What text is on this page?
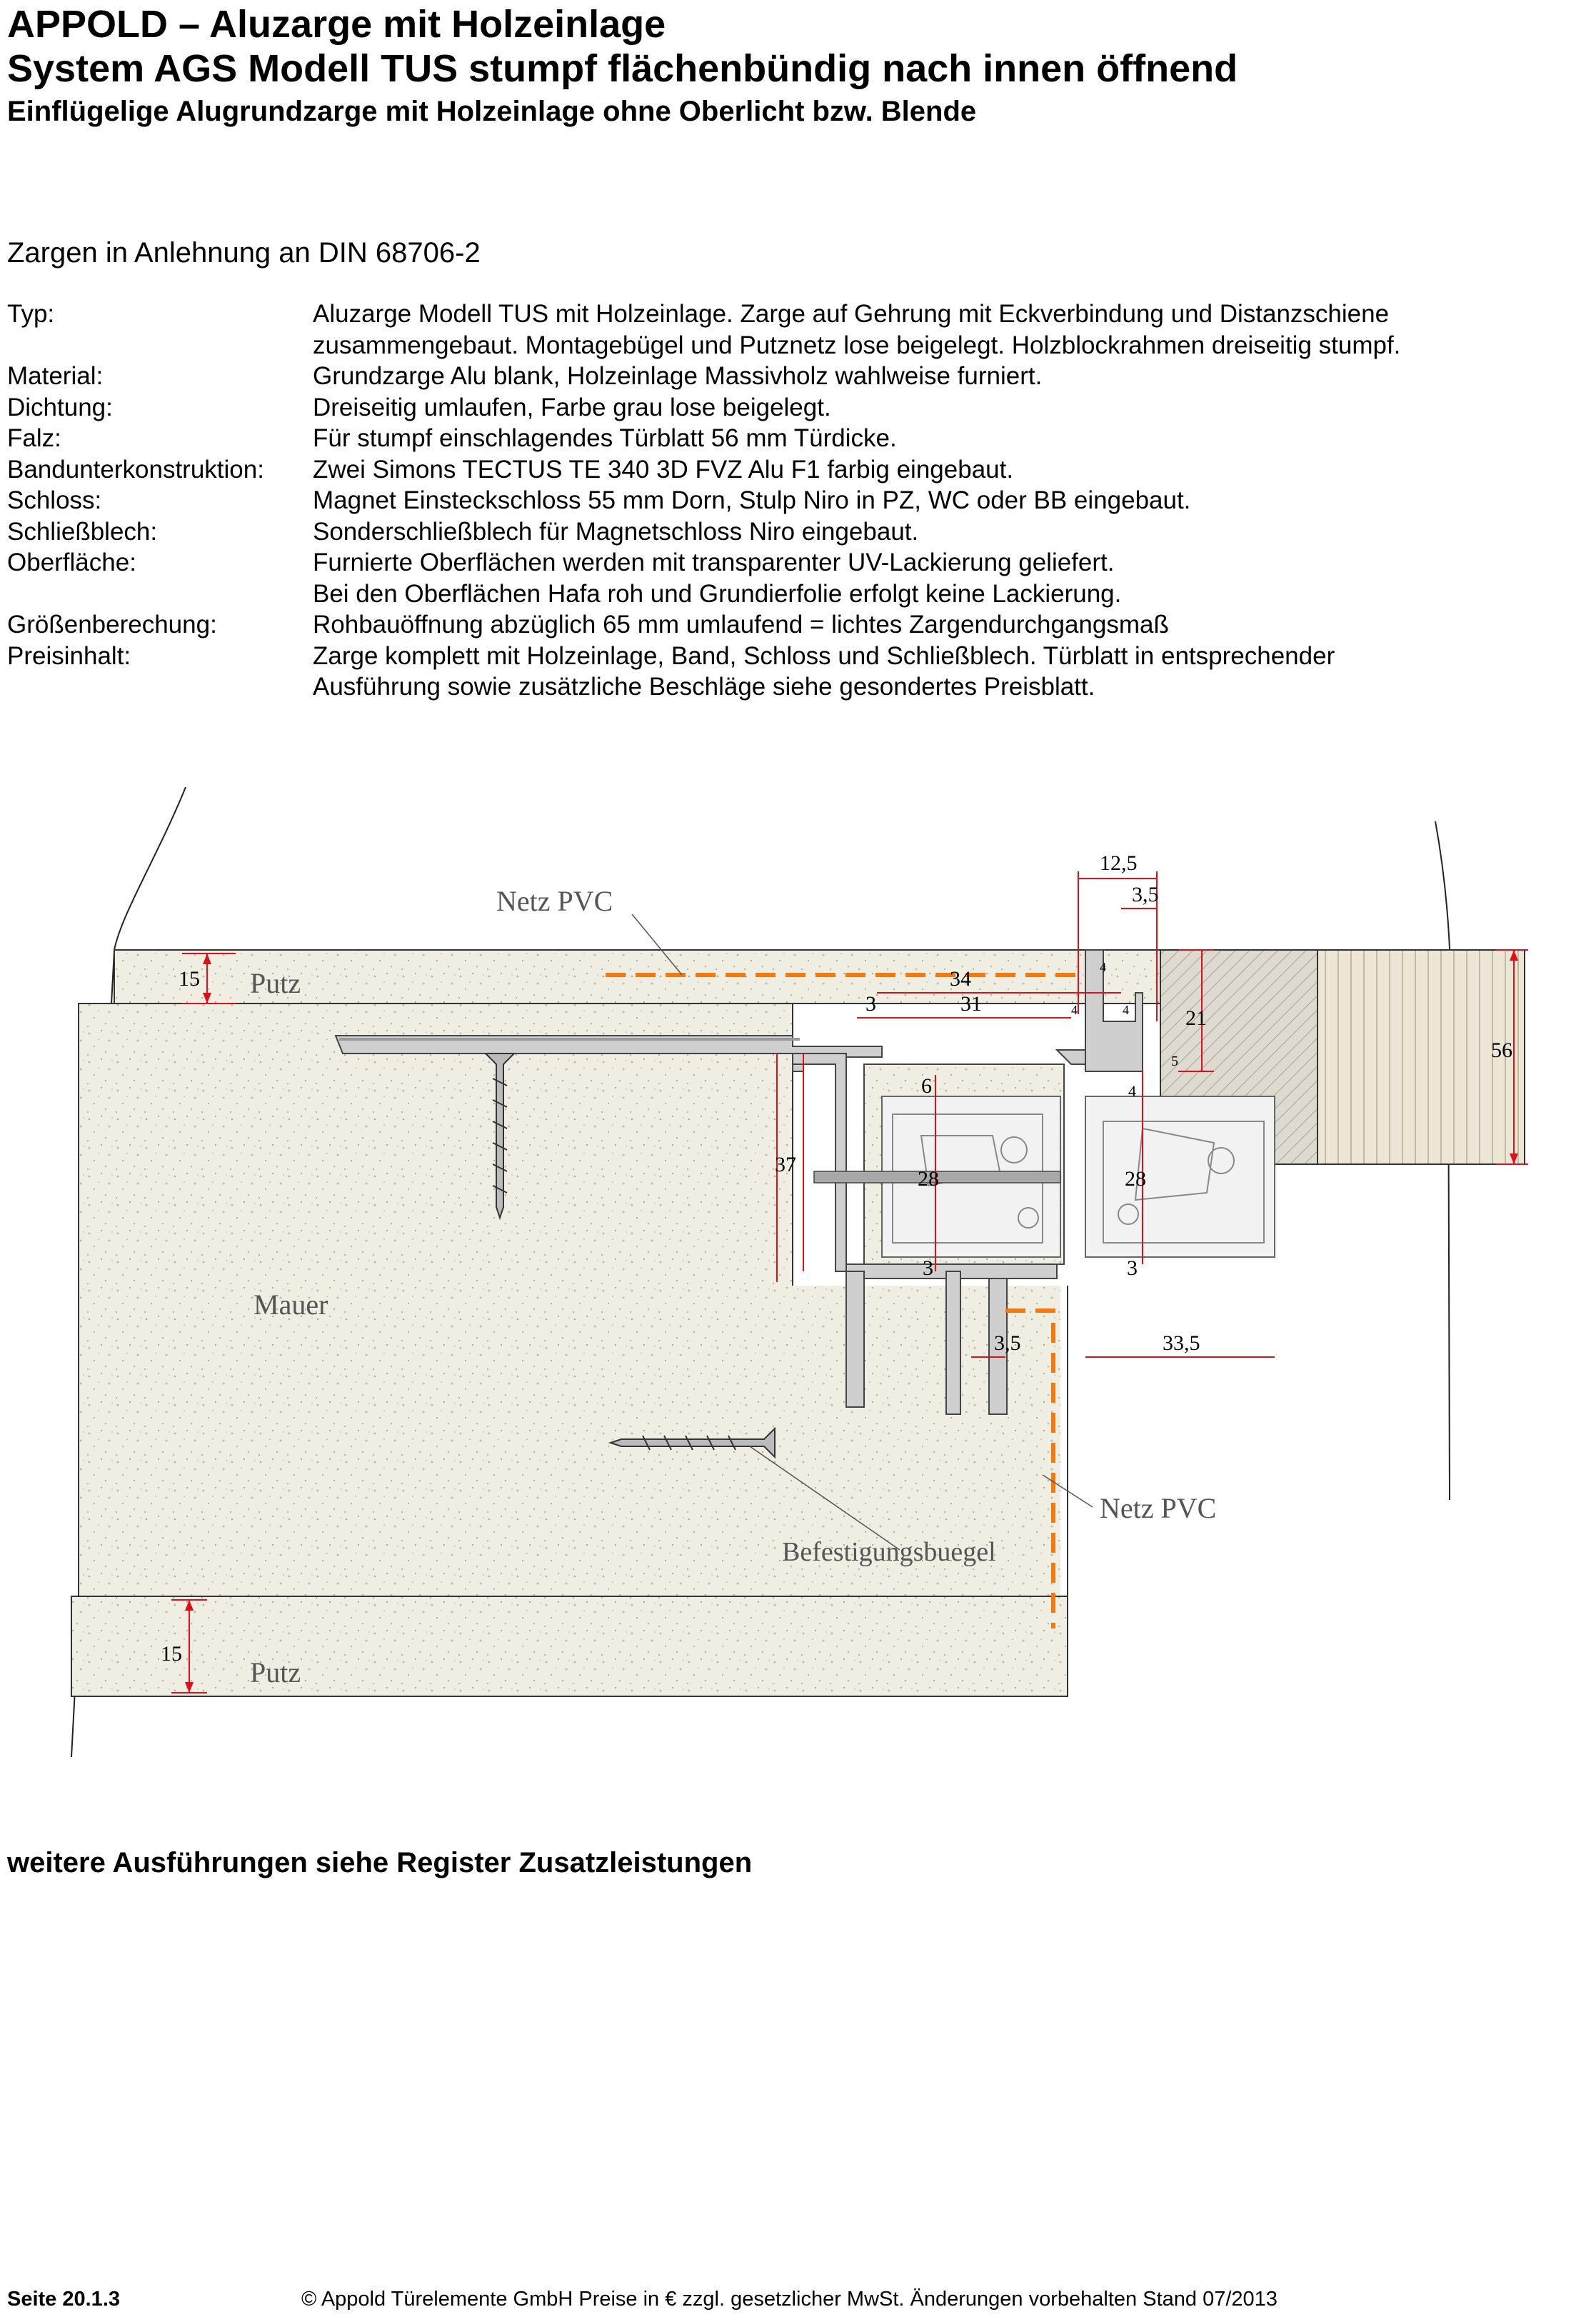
APPOLD – Aluzarge mit Holzeinlage
System AGS Modell TUS stumpf flächenbündig nach innen öffnend
Einflügelige Alugrundzarge mit Holzeinlage ohne Oberlicht bzw. Blende
Zargen in Anlehnung an DIN 68706-2
Typ:	Aluzarge Modell TUS mit Holzeinlage. Zarge auf Gehrung mit Eckverbindung und Distanzschiene
zusammengebaut. Montagebügel und Putznetz lose beigelegt. Holzblockrahmen dreiseitig stumpf.
Material:	Grundzarge Alu blank, Holzeinlage Massivholz wahlweise furniert.
Dichtung:	Dreiseitig umlaufen, Farbe grau lose beigelegt.
Falz:	Für stumpf einschlagendes Türblatt 56 mm Türdicke.
Bandunterkonstruktion:	Zwei Simons TECTUS TE 340 3D FVZ Alu F1 farbig eingebaut.
Schloss:	Magnet Einsteckschloss 55 mm Dorn, Stulp Niro in PZ, WC oder BB eingebaut.
Schließblech:	Sonderschließblech für Magnetschloss Niro eingebaut.
Oberfläche:	Furnierte Oberflächen werden mit transparenter UV-Lackierung geliefert.
Bei den Oberflächen Hafa roh und Grundierfolie erfolgt keine Lackierung.
Größenberechung:	Rohbauöffnung abzüglich 65 mm umlaufend = lichtes Zargendurchgangsmaß
Preisinhalt:	Zarge komplett mit Holzeinlage, Band, Schloss und Schließblech. Türblatt in entsprechender
Ausführung sowie zusätzliche Beschläge siehe gesondertes Preisblatt.
Netz PVC
Putz
Mauer
Netz PVC
Befestigungsbuegel
Putz
12,5
3,5
34
31
3
4
4	4
4
21
5
6
37
28	28
3	3
3,5	33,5
56
15
15
weitere Ausführungen siehe Register Zusatzleistungen
Seite 20.1.3	© Appold Türelemente GmbH Preise in € zzgl. gesetzlicher MwSt. Änderungen vorbehalten Stand 07/2013
